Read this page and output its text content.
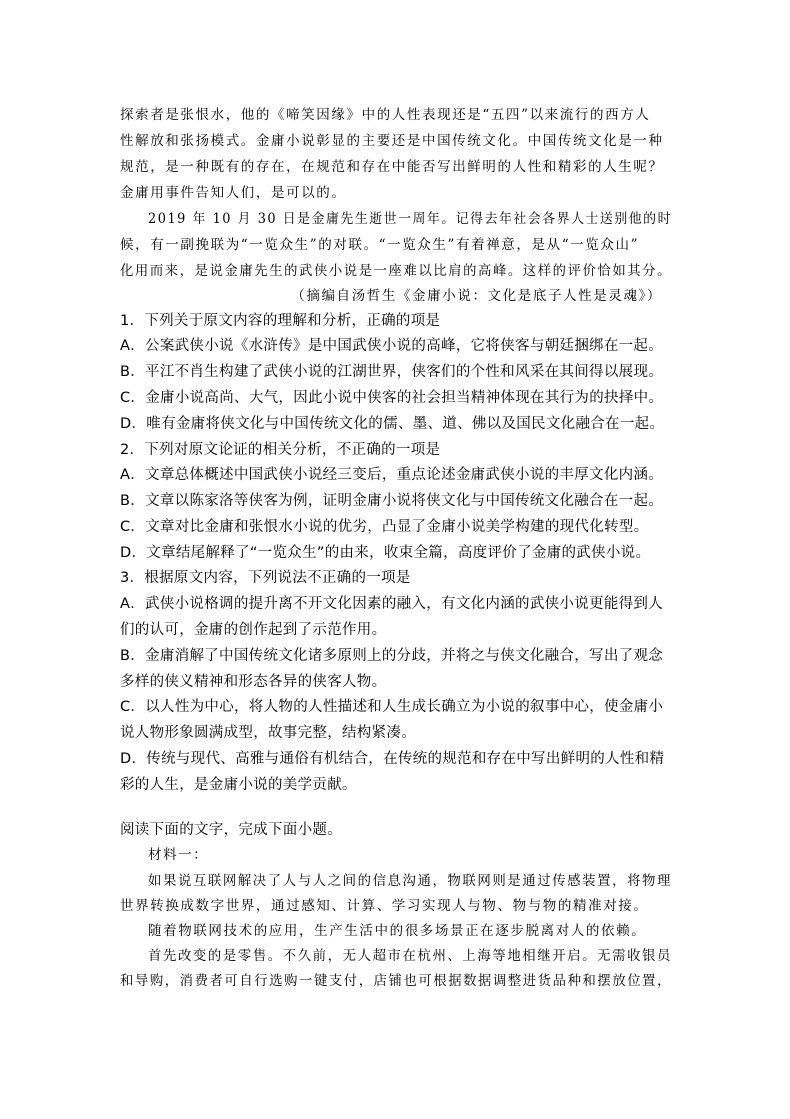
探索者是张恨水，他的《啼笑因缘》中的人性表现还是“五四”以来流行的西方人
性解放和张扬模式。金庸小说彰显的主要还是中国传统文化。中国传统文化是一种
规范，是一种既有的存在，在规范和存在中能否写出鲜明的人性和精彩的人生呢？
金庸用事件告知人们，是可以的。
2019 年 10 月 30 日是金庸先生逝世一周年。记得去年社会各界人士送别他的时
候，有一副挽联为“一览众生”的对联。“一览众生”有着禅意，是从“一览众山”
化用而来，是说金庸先生的武侠小说是一座难以比肩的高峰。这样的评价恰如其分。
（摘编自汤哲生《金庸小说：文化是底子人性是灵魂》）
1．下列关于原文内容的理解和分析，正确的项是
A．公案武侠小说《水浒传》是中国武侠小说的高峰，它将侠客与朝廷捆绑在一起。
B．平江不肖生构建了武侠小说的江湖世界，侠客们的个性和风采在其间得以展现。
C．金庸小说高尚、大气，因此小说中侠客的社会担当精神体现在其行为的抉择中。
D．唯有金庸将侠文化与中国传统文化的儒、墨、道、佛以及国民文化融合在一起。
2．下列对原文论证的相关分析，不正确的一项是
A．文章总体概述中国武侠小说经三变后，重点论述金庸武侠小说的丰厚文化内涵。
B．文章以陈家洛等侠客为例，证明金庸小说将侠文化与中国传统文化融合在一起。
C．文章对比金庸和张恨水小说的优劣，凸显了金庸小说美学构建的现代化转型。
D．文章结尾解释了“一览众生”的由来，收束全篇，高度评价了金庸的武侠小说。
3．根据原文内容，下列说法不正确的一项是
A．武侠小说格调的提升离不开文化因素的融入，有文化内涵的武侠小说更能得到人
们的认可，金庸的创作起到了示范作用。
B．金庸消解了中国传统文化诸多原则上的分歧，并将之与侠文化融合，写出了观念
多样的侠义精神和形态各异的侠客人物。
C．以人性为中心，将人物的人性描述和人生成长确立为小说的叙事中心，使金庸小
说人物形象圆满成型，故事完整，结构紧凑。
D．传统与现代、高雅与通俗有机结合，在传统的规范和存在中写出鲜明的人性和精
彩的人生，是金庸小说的美学贡献。
阅读下面的文字，完成下面小题。
材料一：
如果说互联网解决了人与人之间的信息沟通，物联网则是通过传感装置，将物理
世界转换成数字世界，通过感知、计算、学习实现人与物、物与物的精准对接。
随着物联网技术的应用，生产生活中的很多场景正在逐步脱离对人的依赖。
首先改变的是零售。不久前，无人超市在杭州、上海等地相继开启。无需收银员
和导购，消费者可自行选购一键支付，店铺也可根据数据调整进货品种和摆放位置，
